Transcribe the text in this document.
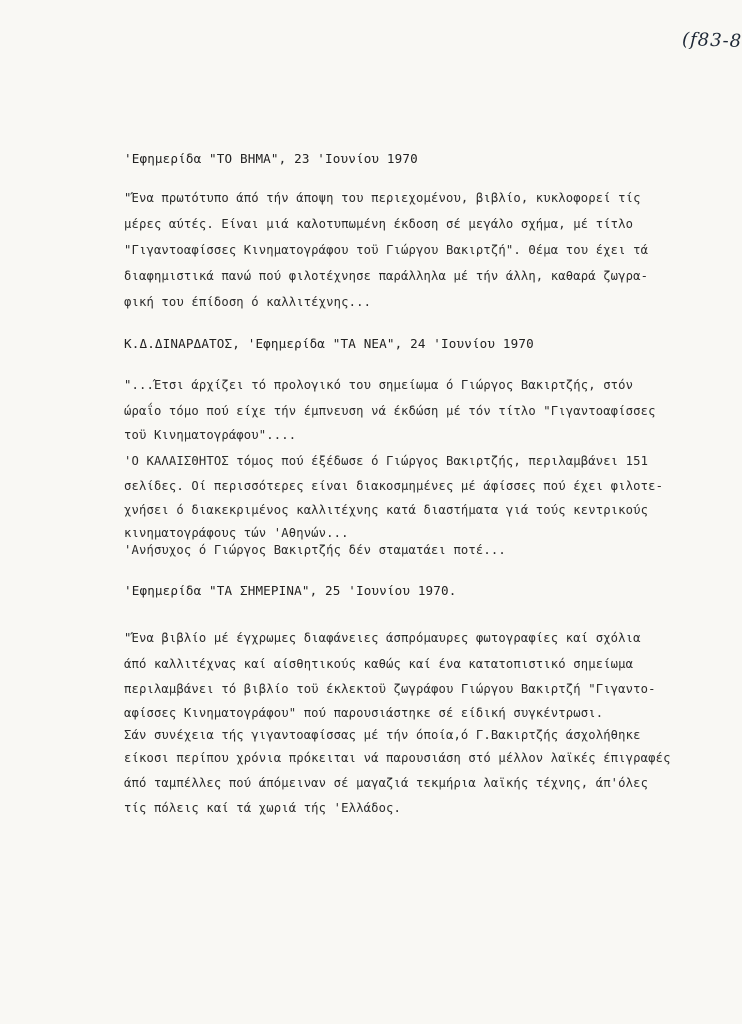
(f83-8
'Εφημερίδα "ΤΟ ΒΗΜΑ", 23 'Ιουνίου 1970
"Ένα πρωτότυπο άπό τήν άποψη του περιεχομένου, βιβλίο, κυκλοφορεί τίς
μέρες αύτές. Είναι μιά καλοτυπωμένη έκδοση σέ μεγάλο σχήμα, μέ τίτλο
"Γιγαντοαφίσσες Κινηματογράφου τοϋ Γιώργου Βακιρτζή". Θέμα του έχει τά
διαφημιστικά πανώ πού φιλοτέχνησε παράλληλα μέ τήν άλλη, καθαρά ζωγρα-
φική του έπίδοση ό καλλιτέχνης...
Κ.Δ.ΔΙΝΑΡΔΑΤΟΣ, 'Εφημερίδα "ΤΑ ΝΕΑ", 24 'Ιουνίου 1970
"...Έτσι άρχίζει τό προλογικό του σημείωμα ό Γιώργος Βακιρτζής, στόν
ώραΐο τόμο πού είχε τήν έμπνευση νά έκδώση μέ τόν τίτλο "Γιγαντοαφίσσες
τοϋ Κινηματογράφου"....
'Ο ΚΑΛΑΙΣΘΗΤΟΣ τόμος πού έξέδωσε ό Γιώργος Βακιρτζής, περιλαμβάνει 151
σελίδες. Οί περισσότερες είναι διακοσμημένες μέ άφίσσες πού έχει φιλοτε-
χνήσει ό διακεκριμένος καλλιτέχνης κατά διαστήματα γιά τούς κεντρικούς
κινηματογράφους τών 'Αθηνών...
'Ανήσυχος ό Γιώργος Βακιρτζής δέν σταματάει ποτέ...
'Εφημερίδα "ΤΑ ΣΗΜΕΡΙΝΑ", 25 'Ιουνίου 1970.
"Ένα βιβλίο μέ έγχρωμες διαφάνειες άσπρόμαυρες φωτογραφίες καί σχόλια
άπό καλλιτέχνας καί αίσθητικούς καθώς καί ένα κατατοπιστικό σημείωμα
περιλαμβάνει τό βιβλίο τοϋ έκλεκτοϋ ζωγράφου Γιώργου Βακιρτζή "Γιγαντο-
αφίσσες Κινηματογράφου" πού παρουσιάστηκε σέ είδική συγκέντρωσι.
Σάν συνέχεια τής γιγαντοαφίσσας μέ τήν όποία,ό Γ.Βακιρτζής άσχολήθηκε
είκοσι περίπου χρόνια πρόκειται νά παρουσιάση στό μέλλον λαϊκές έπιγραφές
άπό ταμπέλλες πού άπόμειναν σέ μαγαζιά τεκμήρια λαϊκής τέχνης, άπ'όλες
τίς πόλεις καί τά χωριά τής 'Ελλάδος.
